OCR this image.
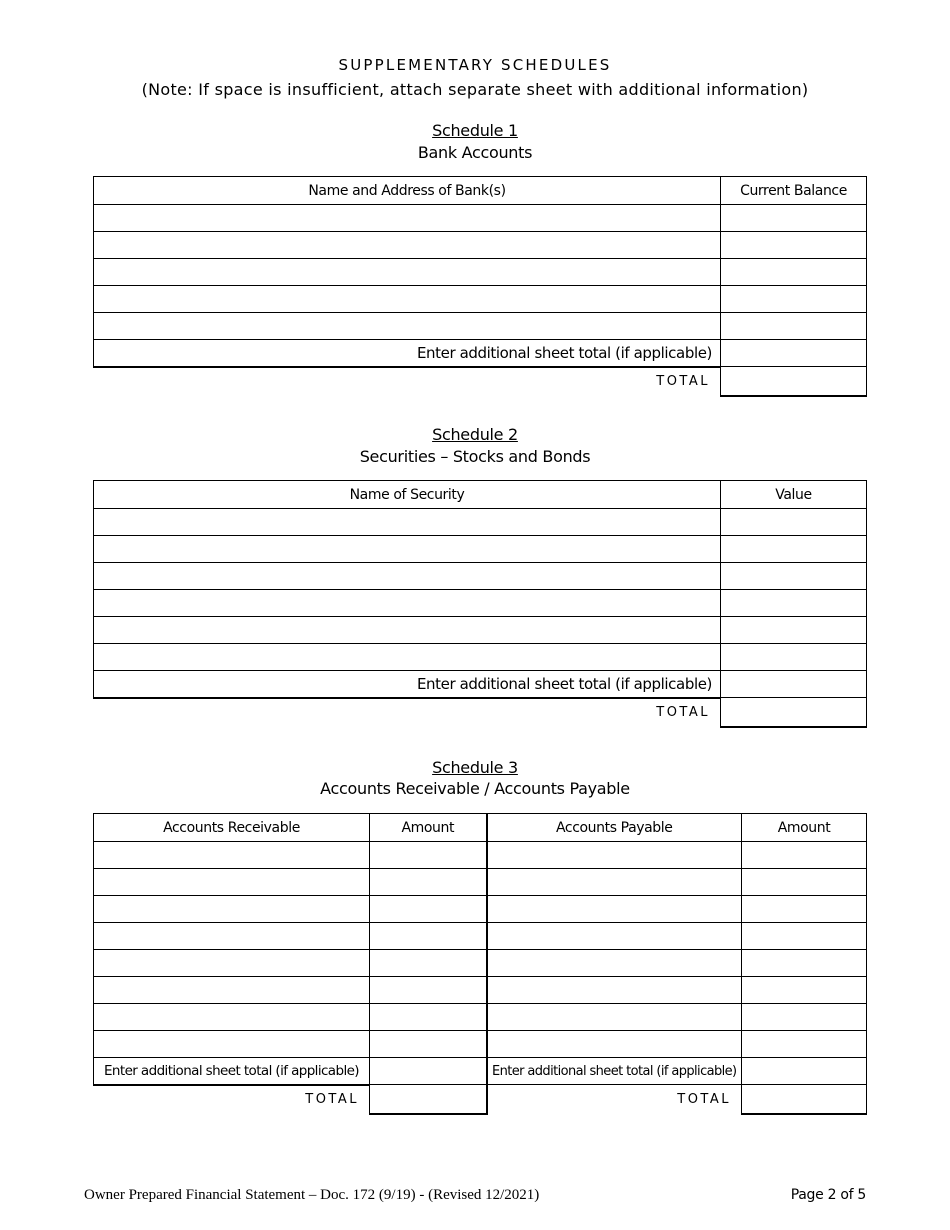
SUPPLEMENTARY SCHEDULES
(Note: If space is insufficient, attach separate sheet with additional information)
Schedule 1
Bank Accounts
Name and Address of Bank(s)	Current Balance

Enter additional sheet total (if applicable)	
TOTAL	
Schedule 2
Securities – Stocks and Bonds
Name of Security	Value

Enter additional sheet total (if applicable)	
TOTAL	
Schedule 3
Accounts Receivable / Accounts Payable
Accounts Receivable	Amount	Accounts Payable	Amount

Enter additional sheet total (if applicable)		Enter additional sheet total (if applicable)	
TOTAL		TOTAL	
Owner Prepared Financial Statement – Doc. 172 (9/19) - (Revised 12/2021)	Page 2 of 5
